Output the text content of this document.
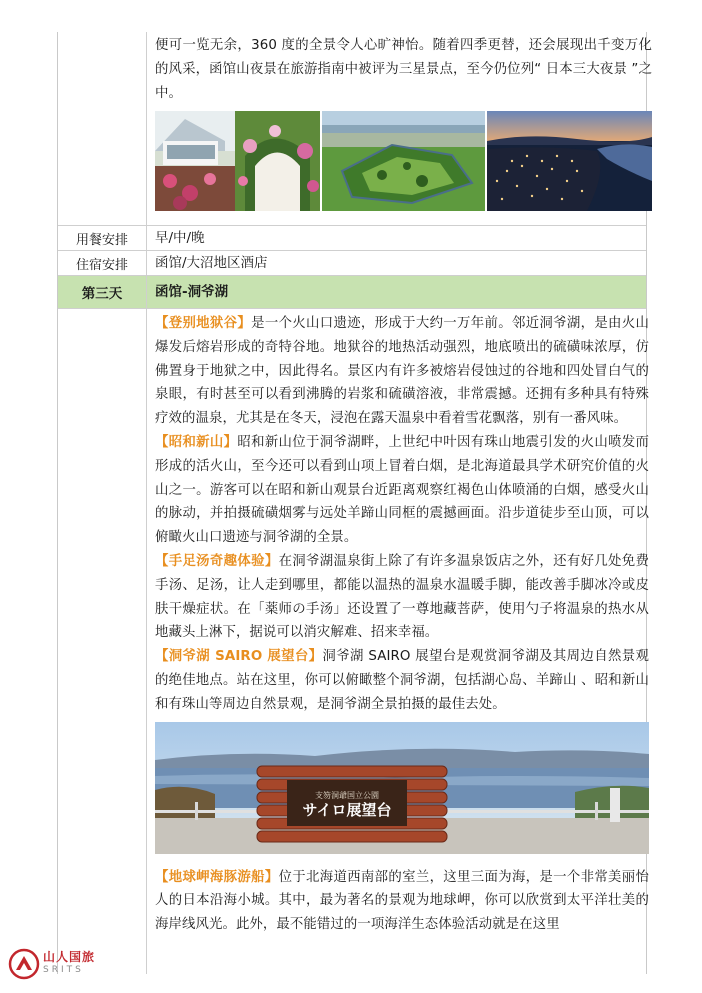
便可一览无余，360 度的全景令人心旷神怡。随着四季更替，还会展现出千变万化的风采，函馆山夜景在旅游指南中被评为三星景点，至今仍位列“ 日本三大夜景 ”之中。
用餐安排	早/中/晚
住宿安排	函馆/大沼地区酒店
第三天	函馆-洞爷湖
【登别地狱谷】是一个火山口遗迹，形成于大约一万年前。邻近洞爷湖，是由火山爆发后熔岩形成的奇特谷地。地狱谷的地热活动强烈，地底喷出的硫磺味浓厚，仿佛置身于地狱之中，因此得名。景区内有许多被熔岩侵蚀过的谷地和四处冒白气的泉眼，有时甚至可以看到沸腾的岩浆和硫磺溶液，非常震撼。还拥有多种具有特殊疗效的温泉，尤其是在冬天，浸泡在露天温泉中看着雪花飘落，别有一番风味。
【昭和新山】昭和新山位于洞爷湖畔，上世纪中叶因有珠山地震引发的火山喷发而形成的活火山，至今还可以看到山项上冒着白烟，是北海道最具学术研究价值的火山之一。游客可以在昭和新山观景台近距离观察红褐色山体喷涌的白烟，感受火山的脉动，并拍摄硫磺烟雾与远处羊蹄山同框的震撼画面。沿步道徒步至山顶，可以俯瞰火山口遗迹与洞爷湖的全景。
【手足汤奇趣体验】在洞爷湖温泉街上除了有许多温泉饭店之外，还有好几处免费手汤、足汤，让人走到哪里，都能以温热的温泉水温暖手脚，能改善手脚冰冷或皮肤干燥症状。在「薬师の手汤」还设置了一尊地藏菩萨，使用勺子将温泉的热水从地藏头上淋下，据说可以消灾解难、招来幸福。
【洞爷湖 SAIRO 展望台】洞爷湖 SAIRO 展望台是观赏洞爷湖及其周边自然景观的绝佳地点。站在这里，你可以俯瞰整个洞爷湖，包括湖心岛、羊蹄山 、昭和新山和有珠山等周边自然景观，是洞爷湖全景拍摄的最佳去处。
支笏洞爺国立公園
サイロ展望台
【地球岬海豚游船】位于北海道西南部的室兰，这里三面为海，是一个非常美丽怡人的日本沿海小城。其中，最为著名的景观为地球岬，你可以欣赏到太平洋壮美的海岸线风光。此外，最不能错过的一项海洋生态体验活动就是在这里
山人国旅
SRITS
